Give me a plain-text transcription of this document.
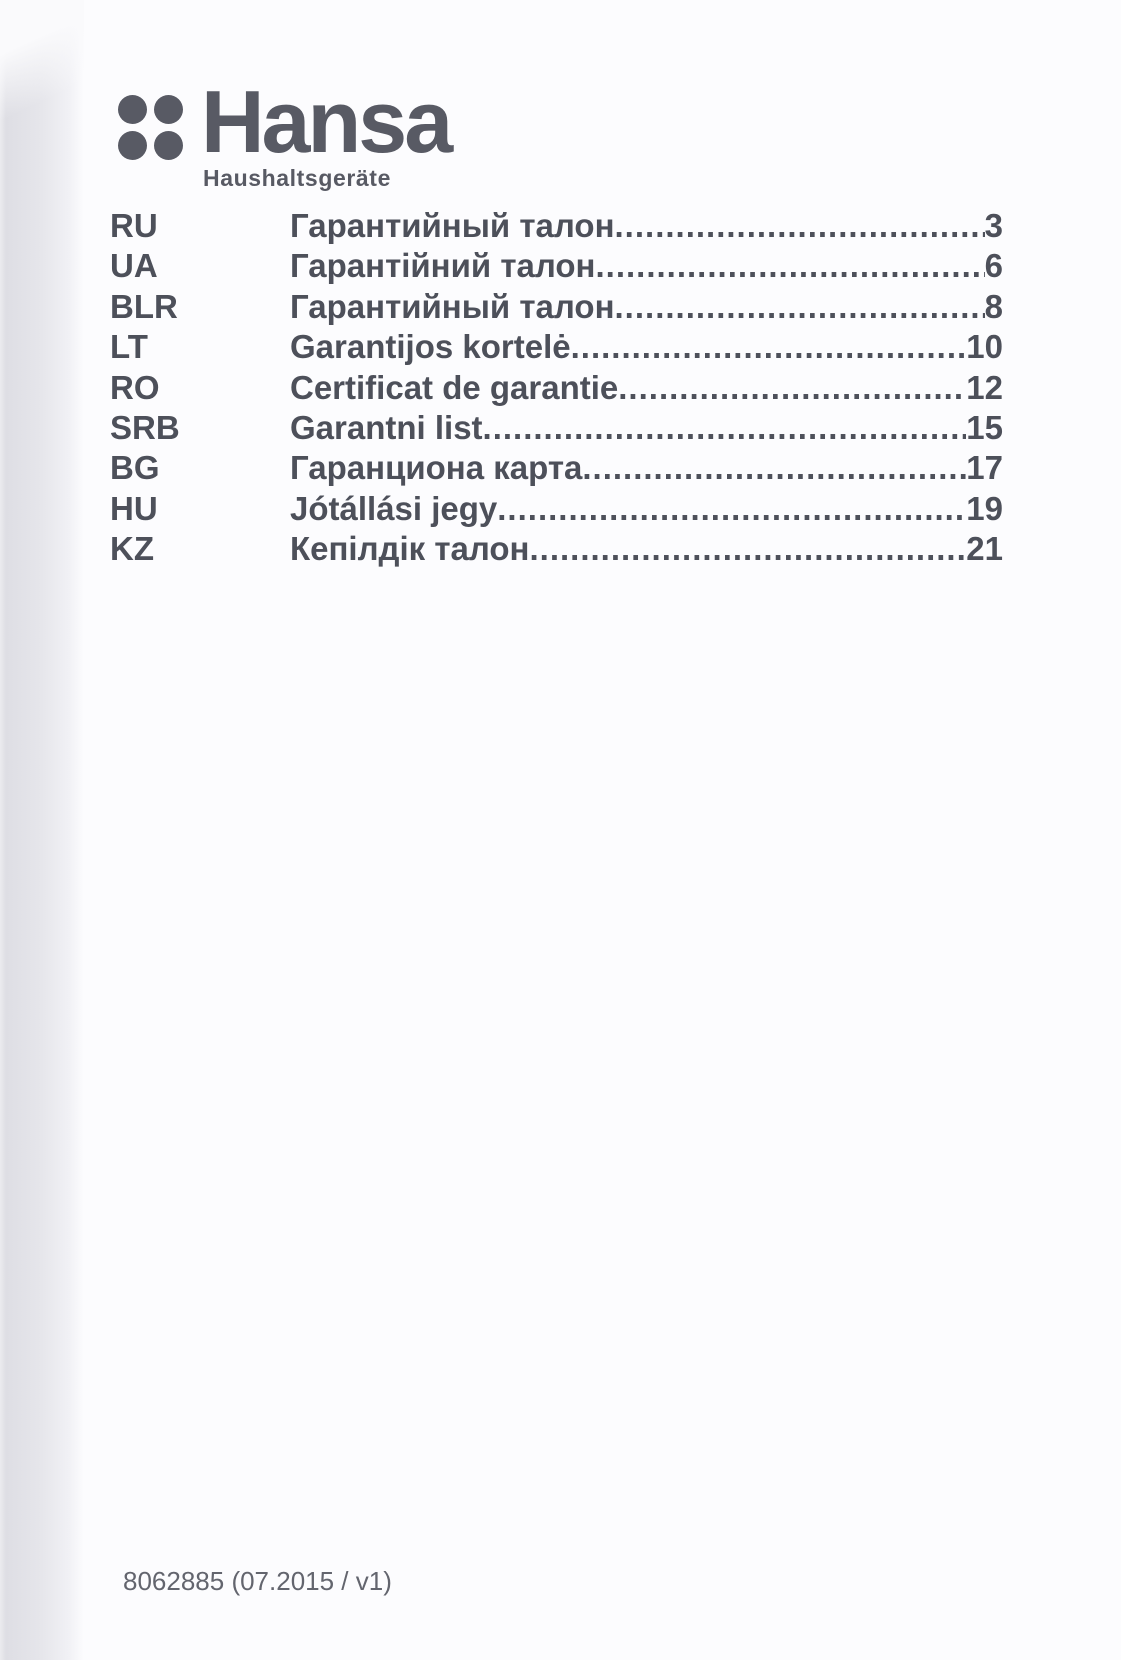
Hansa
Haushaltsgeräte
RU	Гарантийный талон .....	3
UA	Гарантійний талон .....	6
BLR	Гарантийный талон .....	8
LT	Garantijos kortelė .....	10
RO	Certificat de garantie .....	12
SRB	Garantni list .....	15
BG	Гаранциона карта .....	17
HU	Jótállási jegy .....	19
KZ	Кепілдік талон .....	21
8062885 (07.2015 / v1)
